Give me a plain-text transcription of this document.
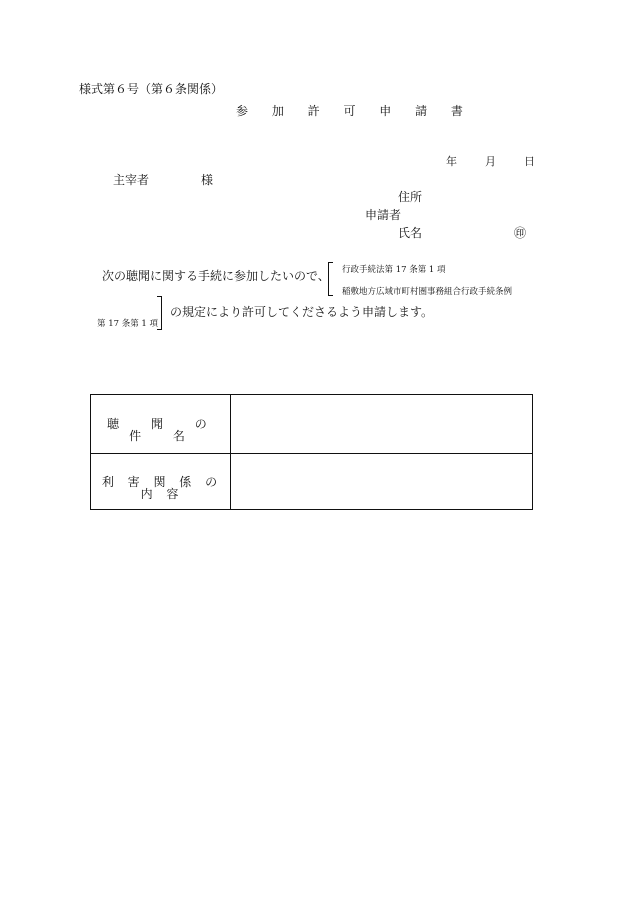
様式第６号（第６条関係）
参 加 許 可 申 請 書
年	月	日
主宰者	様
住所
申請者
氏名	㊞
次の聴聞に関する手続に参加したいので、 行政手続法第 17 条第 1 項
稲敷地方広域市町村圏事務組合行政手続条例
第 17 条第 1 項
の規定により許可してくださるよう申請します。
聴 聞 の 件 名
利 害 関 係 の 内 容
